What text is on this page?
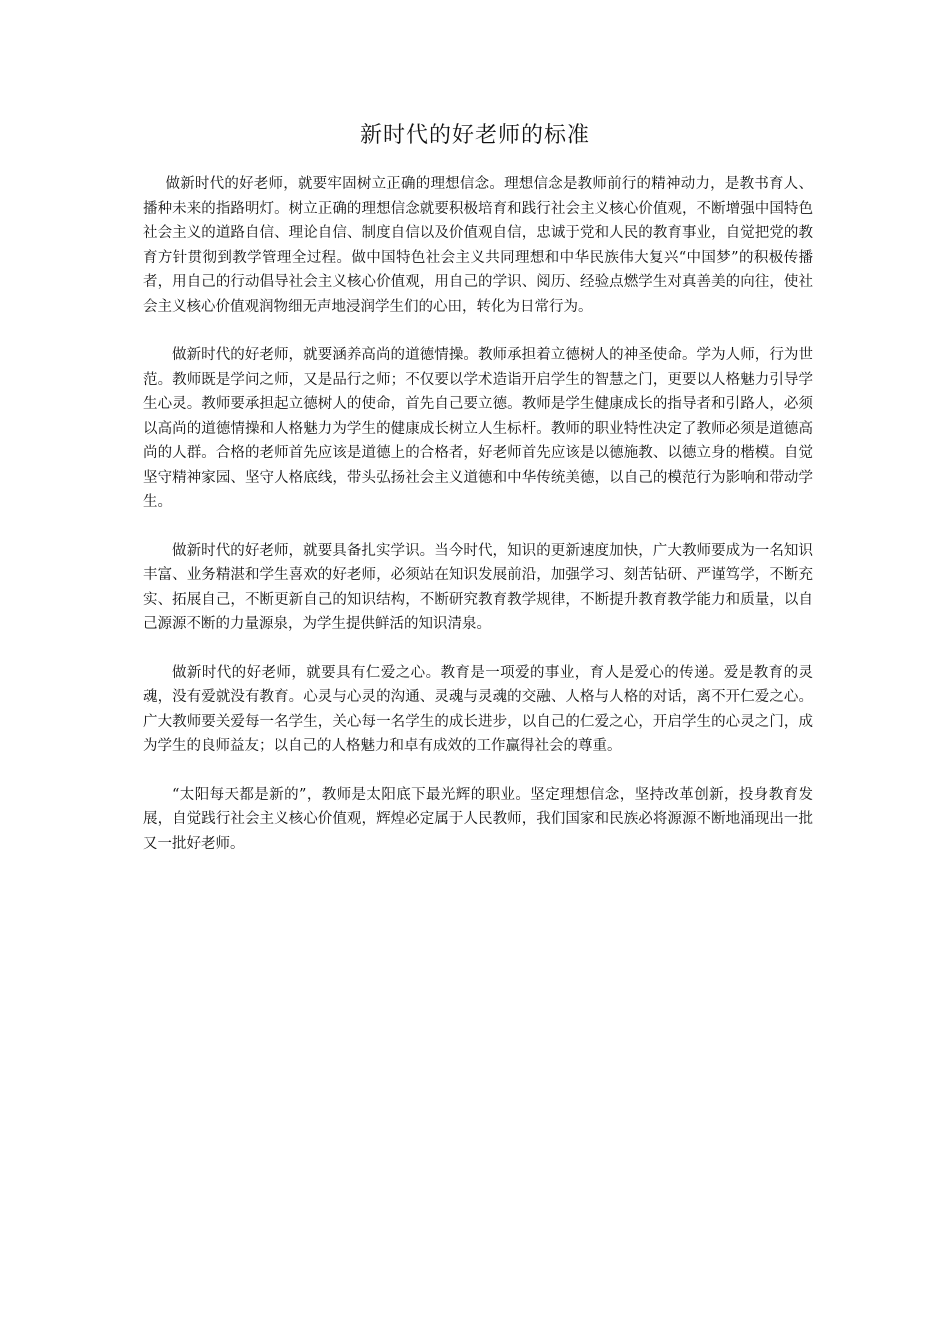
新时代的好老师的标准

做新时代的好老师，就要牢固树立正确的理想信念。理想信念是教师前行的精神动力，是教书育人、播种未来的指路明灯。树立正确的理想信念就要积极培育和践行社会主义核心价值观，不断增强中国特色社会主义的道路自信、理论自信、制度自信以及价值观自信，忠诚于党和人民的教育事业，自觉把党的教育方针贯彻到教学管理全过程。做中国特色社会主义共同理想和中华民族伟大复兴“中国梦”的积极传播者，用自己的行动倡导社会主义核心价值观，用自己的学识、阅历、经验点燃学生对真善美的向往，使社会主义核心价值观润物细无声地浸润学生们的心田，转化为日常行为。

做新时代的好老师，就要涵养高尚的道德情操。教师承担着立德树人的神圣使命。学为人师，行为世范。教师既是学问之师，又是品行之师；不仅要以学术造诣开启学生的智慧之门，更要以人格魅力引导学生心灵。教师要承担起立德树人的使命，首先自己要立德。教师是学生健康成长的指导者和引路人，必须以高尚的道德情操和人格魅力为学生的健康成长树立人生标杆。教师的职业特性决定了教师必须是道德高尚的人群。合格的老师首先应该是道德上的合格者，好老师首先应该是以德施教、以德立身的楷模。自觉坚守精神家园、坚守人格底线，带头弘扬社会主义道德和中华传统美德，以自己的模范行为影响和带动学生。

做新时代的好老师，就要具备扎实学识。当今时代，知识的更新速度加快，广大教师要成为一名知识丰富、业务精湛和学生喜欢的好老师，必须站在知识发展前沿，加强学习、刻苦钻研、严谨笃学，不断充实、拓展自己，不断更新自己的知识结构，不断研究教育教学规律，不断提升教育教学能力和质量，以自己源源不断的力量源泉，为学生提供鲜活的知识清泉。

做新时代的好老师，就要具有仁爱之心。教育是一项爱的事业，育人是爱心的传递。爱是教育的灵魂，没有爱就没有教育。心灵与心灵的沟通、灵魂与灵魂的交融、人格与人格的对话，离不开仁爱之心。广大教师要关爱每一名学生，关心每一名学生的成长进步，以自己的仁爱之心，开启学生的心灵之门，成为学生的良师益友；以自己的人格魅力和卓有成效的工作赢得社会的尊重。

“太阳每天都是新的”，教师是太阳底下最光辉的职业。坚定理想信念，坚持改革创新，投身教育发展，自觉践行社会主义核心价值观，辉煌必定属于人民教师，我们国家和民族必将源源不断地涌现出一批又一批好老师。
